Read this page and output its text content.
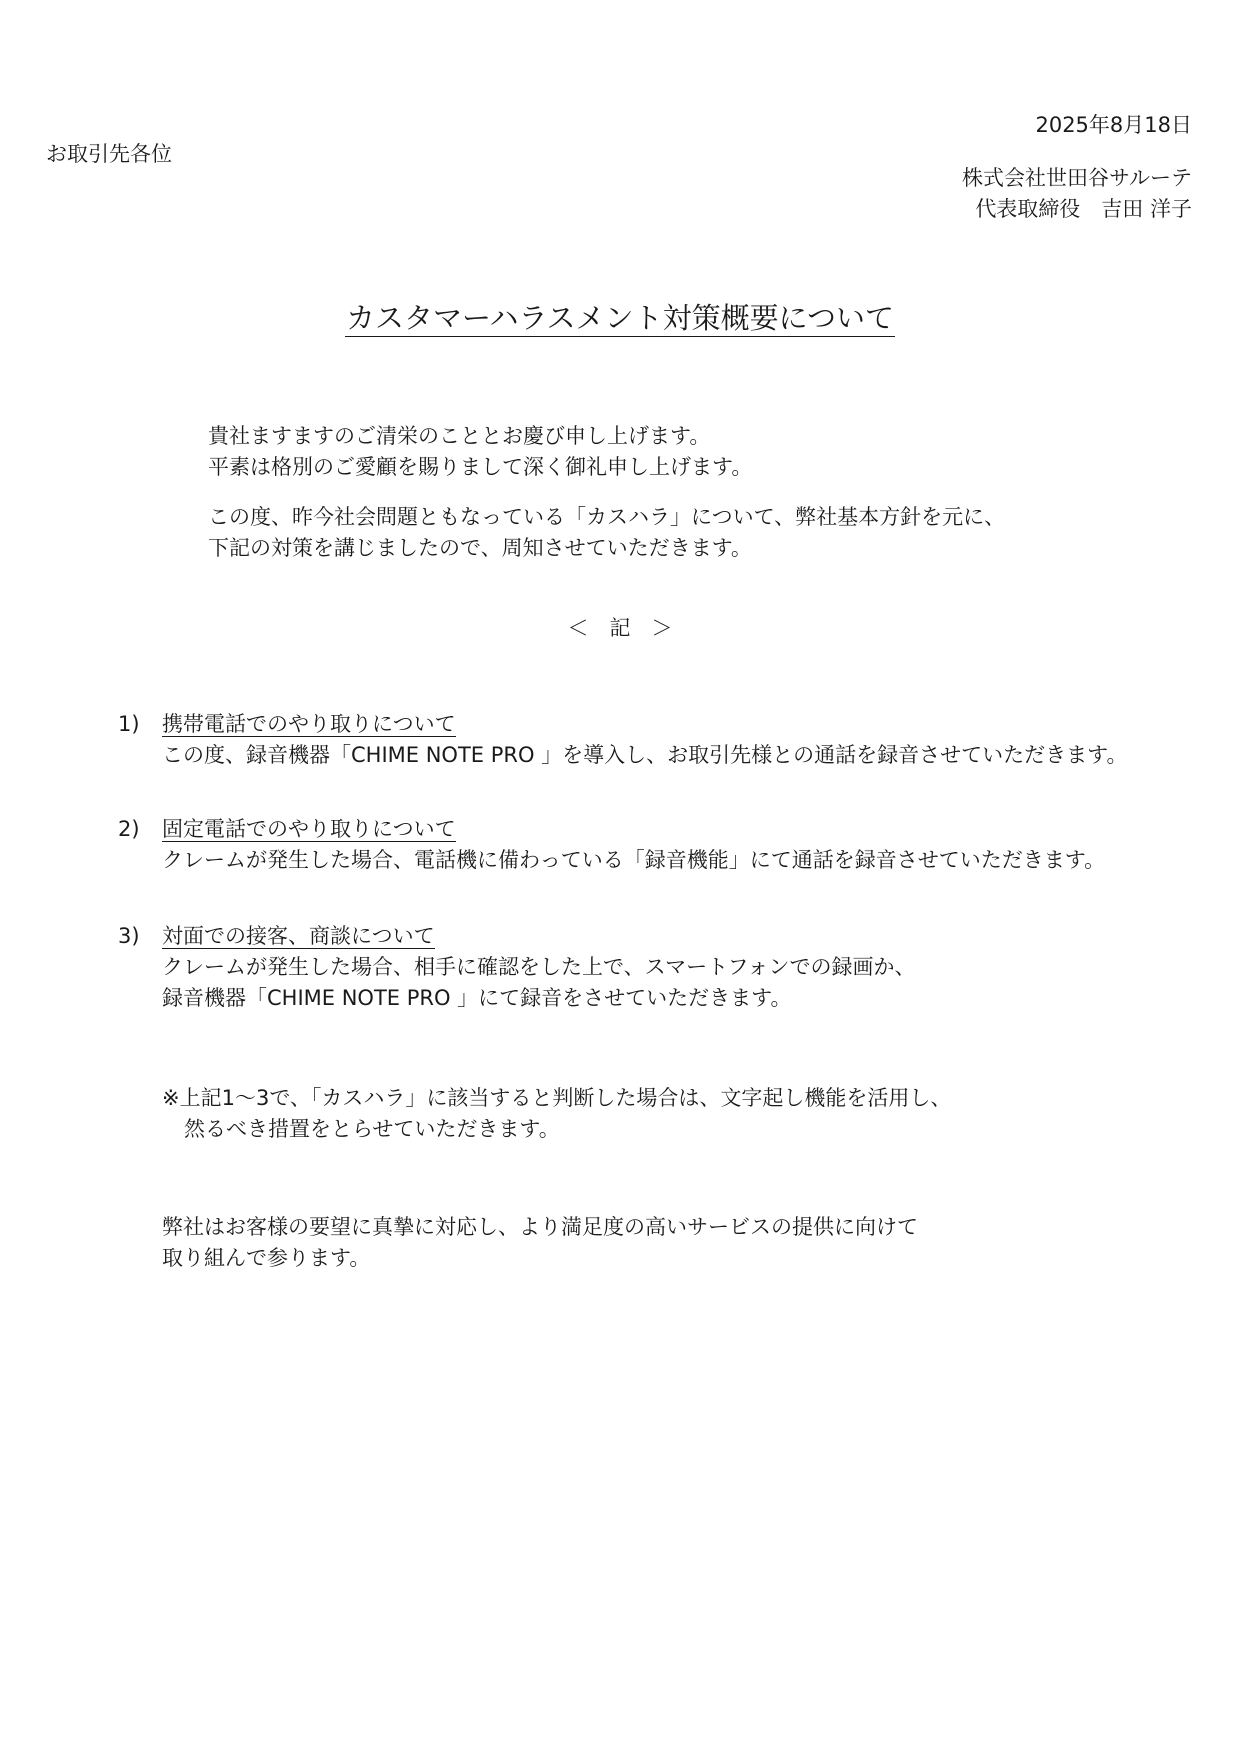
2025年8月18日
お取引先各位
株式会社世田谷サルーテ
代表取締役　吉田 洋子
カスタマーハラスメント対策概要について
貴社ますますのご清栄のこととお慶び申し上げます。
平素は格別のご愛顧を賜りまして深く御礼申し上げます。
この度、昨今社会問題ともなっている「カスハラ」について、弊社基本方針を元に、
下記の対策を講じましたので、周知させていただきます。
＜　記　＞
1) 携帯電話でのやり取りについて
この度、録音機器「CHIME NOTE PRO 」を導入し、お取引先様との通話を録音させていただきます。
2) 固定電話でのやり取りについて
クレームが発生した場合、電話機に備わっている「録音機能」にて通話を録音させていただきます。
3) 対面での接客、商談について
クレームが発生した場合、相手に確認をした上で、スマートフォンでの録画か、
録音機器「CHIME NOTE PRO 」にて録音をさせていただきます。
※上記1～3で、「カスハラ」に該当すると判断した場合は、文字起し機能を活用し、
然るべき措置をとらせていただきます。
弊社はお客様の要望に真摯に対応し、より満足度の高いサービスの提供に向けて
取り組んで参ります。
